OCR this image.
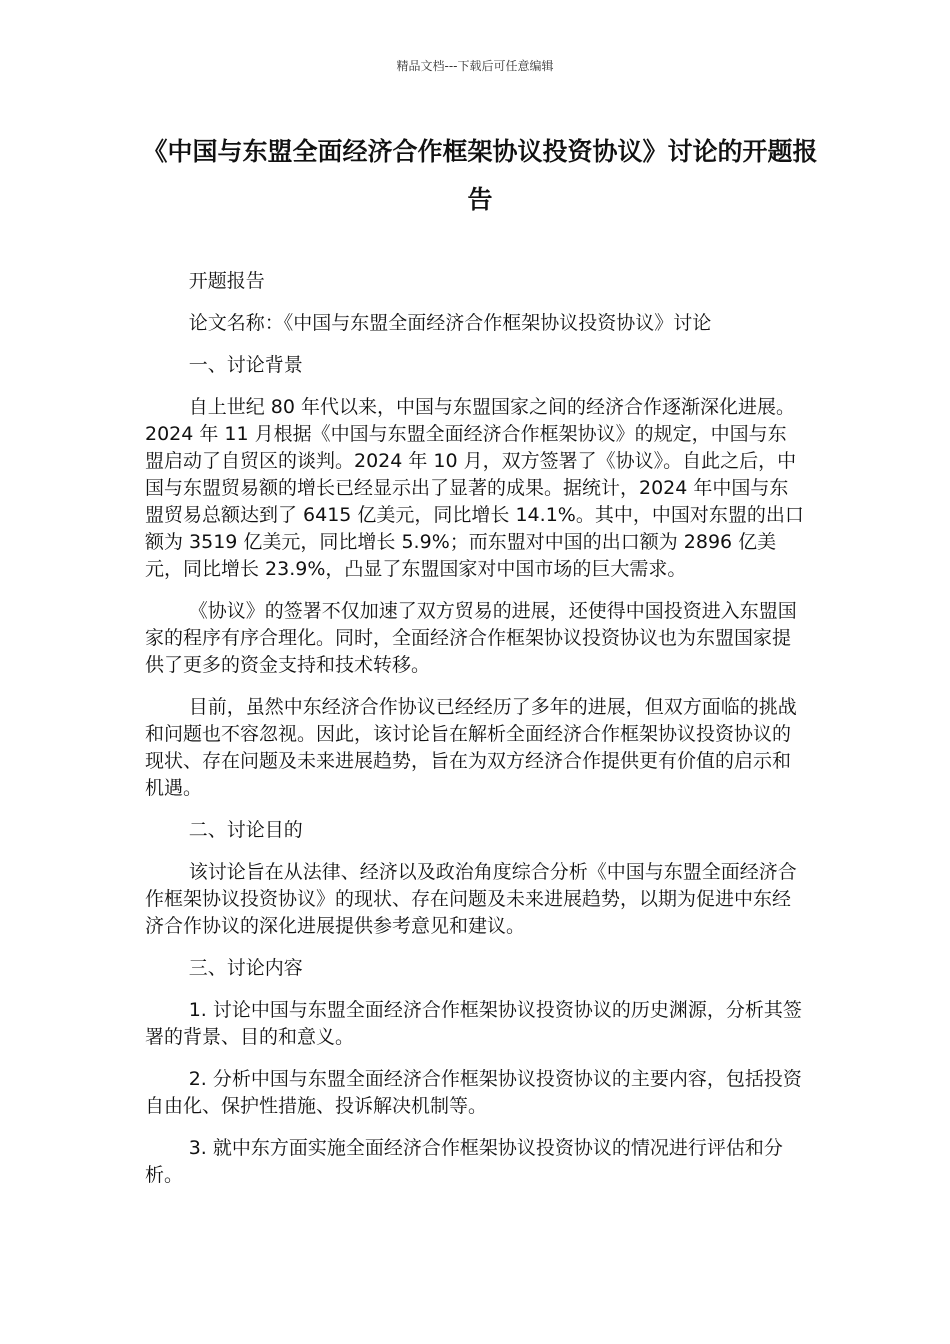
精品文档---下载后可任意编辑
《中国与东盟全面经济合作框架协议投资协议》讨论的开题报告

开题报告

论文名称：《中国与东盟全面经济合作框架协议投资协议》讨论

一、讨论背景

自上世纪 80 年代以来，中国与东盟国家之间的经济合作逐渐深化进展。2024 年 11 月根据《中国与东盟全面经济合作框架协议》的规定，中国与东盟启动了自贸区的谈判。2024 年 10 月，双方签署了《协议》。自此之后，中国与东盟贸易额的增长已经显示出了显著的成果。据统计，2024 年中国与东盟贸易总额达到了 6415 亿美元，同比增长 14.1%。其中，中国对东盟的出口额为 3519 亿美元，同比增长 5.9%；而东盟对中国的出口额为 2896 亿美元，同比增长 23.9%，凸显了东盟国家对中国市场的巨大需求。

《协议》的签署不仅加速了双方贸易的进展，还使得中国投资进入东盟国家的程序有序合理化。同时，全面经济合作框架协议投资协议也为东盟国家提供了更多的资金支持和技术转移。

目前，虽然中东经济合作协议已经经历了多年的进展，但双方面临的挑战和问题也不容忽视。因此，该讨论旨在解析全面经济合作框架协议投资协议的现状、存在问题及未来进展趋势，旨在为双方经济合作提供更有价值的启示和机遇。

二、讨论目的

该讨论旨在从法律、经济以及政治角度综合分析《中国与东盟全面经济合作框架协议投资协议》的现状、存在问题及未来进展趋势，以期为促进中东经济合作协议的深化进展提供参考意见和建议。

三、讨论内容

1. 讨论中国与东盟全面经济合作框架协议投资协议的历史渊源，分析其签署的背景、目的和意义。

2. 分析中国与东盟全面经济合作框架协议投资协议的主要内容，包括投资自由化、保护性措施、投诉解决机制等。

3. 就中东方面实施全面经济合作框架协议投资协议的情况进行评估和分析。
